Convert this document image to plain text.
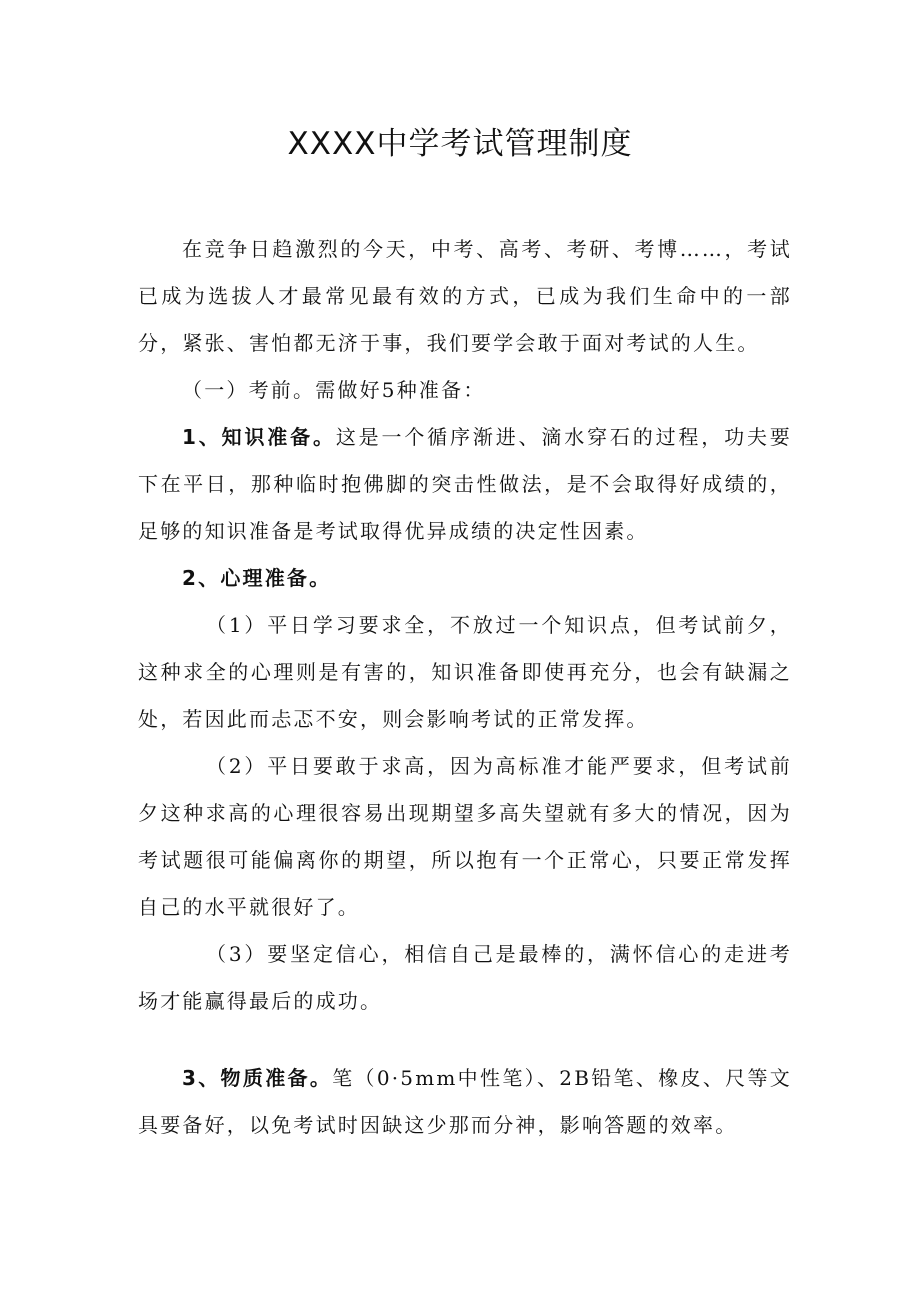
XXXX中学考试管理制度

在竞争日趋激烈的今天，中考、高考、考研、考博……，考试已成为选拔人才最常见最有效的方式，已成为我们生命中的一部分，紧张、害怕都无济于事，我们要学会敢于面对考试的人生。

（一）考前。需做好5种准备：

1、知识准备。这是一个循序渐进、滴水穿石的过程，功夫要下在平日，那种临时抱佛脚的突击性做法，是不会取得好成绩的，足够的知识准备是考试取得优异成绩的决定性因素。

2、心理准备。

（1）平日学习要求全，不放过一个知识点，但考试前夕，这种求全的心理则是有害的，知识准备即使再充分，也会有缺漏之处，若因此而忐忑不安，则会影响考试的正常发挥。

（2）平日要敢于求高，因为高标准才能严要求，但考试前夕这种求高的心理很容易出现期望多高失望就有多大的情况，因为考试题很可能偏离你的期望，所以抱有一个正常心，只要正常发挥自己的水平就很好了。

（3）要坚定信心，相信自己是最棒的，满怀信心的走进考场才能赢得最后的成功。

3、物质准备。笔（0·5mm中性笔）、2B铅笔、橡皮、尺等文具要备好，以免考试时因缺这少那而分神，影响答题的效率。
